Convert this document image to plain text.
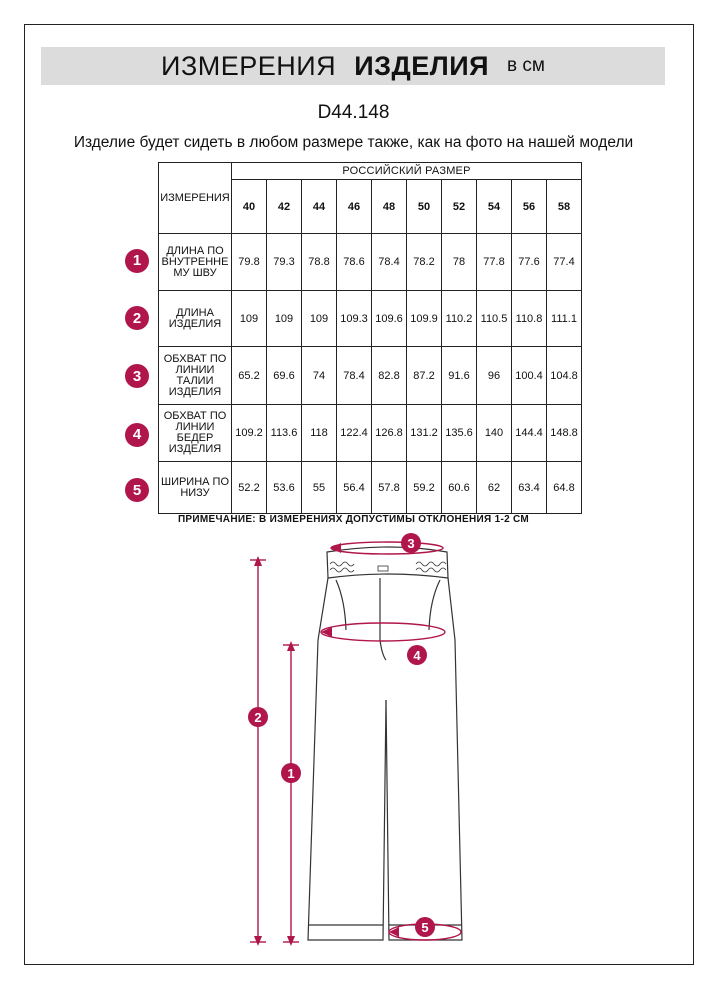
ИЗМЕРЕНИЯ ИЗДЕЛИЯ в см
D44.148
Изделие будет сидеть в любом размере также, как на фото на нашей модели
ИЗМЕРЕНИЯ	РОССИЙСКИЙ РАЗМЕР									
	40	42	44	46	48	50	52	54	56	58

ДЛИНА ПО
ВНУТРЕННЕ
МУ ШВУ	79.8	79.3	78.8	78.6	78.4	78.2	78	77.8	77.6	77.4

ДЛИНА
ИЗДЕЛИЯ	109	109	109	109.3	109.6	109.9	110.2	110.5	110.8	111.1

ОБХВАТ ПО
ЛИНИИ
ТАЛИИ
ИЗДЕЛИЯ	65.2	69.6	74	78.4	82.8	87.2	91.6	96	100.4	104.8

ОБХВАТ ПО
ЛИНИИ
БЕДЕР
ИЗДЕЛИЯ	109.2	113.6	118	122.4	126.8	131.2	135.6	140	144.4	148.8

ШИРИНА ПО
НИЗУ	52.2	53.6	55	56.4	57.8	59.2	60.6	62	63.4	64.8
1
2
3
4
5
ПРИМЕЧАНИЕ: В ИЗМЕРЕНИЯХ ДОПУСТИМЫ ОТКЛОНЕНИЯ 1-2 СМ
3
4
2
1
5
